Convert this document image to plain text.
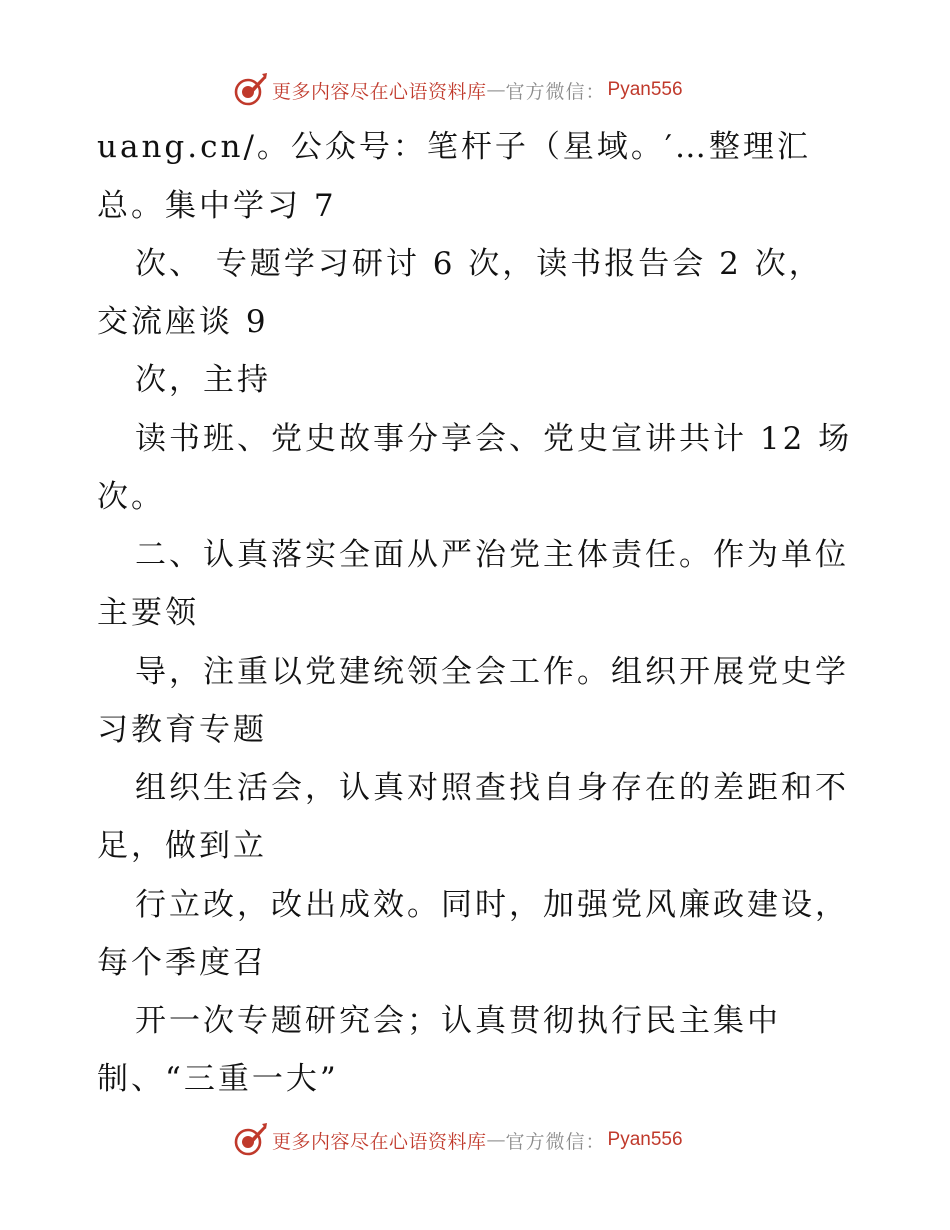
更多内容尽在心语资料库 — 官方微信： Pyan556
uang.cn/。公众号：笔杆子（星域。′…整理汇
总。集中学习 7
次、 专题学习研讨 6 次，读书报告会 2 次，
交流座谈 9
次，主持
读书班、党史故事分享会、党史宣讲共计 12 场
次。
二、认真落实全面从严治党主体责任。作为单位
主要领
导，注重以党建统领全会工作。组织开展党史学
习教育专题
组织生活会，认真对照查找自身存在的差距和不
足，做到立
行立改，改出成效。同时，加强党风廉政建设，
每个季度召
开一次专题研究会；认真贯彻执行民主集中
制、“三重一大”
更多内容尽在心语资料库 — 官方微信： Pyan556
